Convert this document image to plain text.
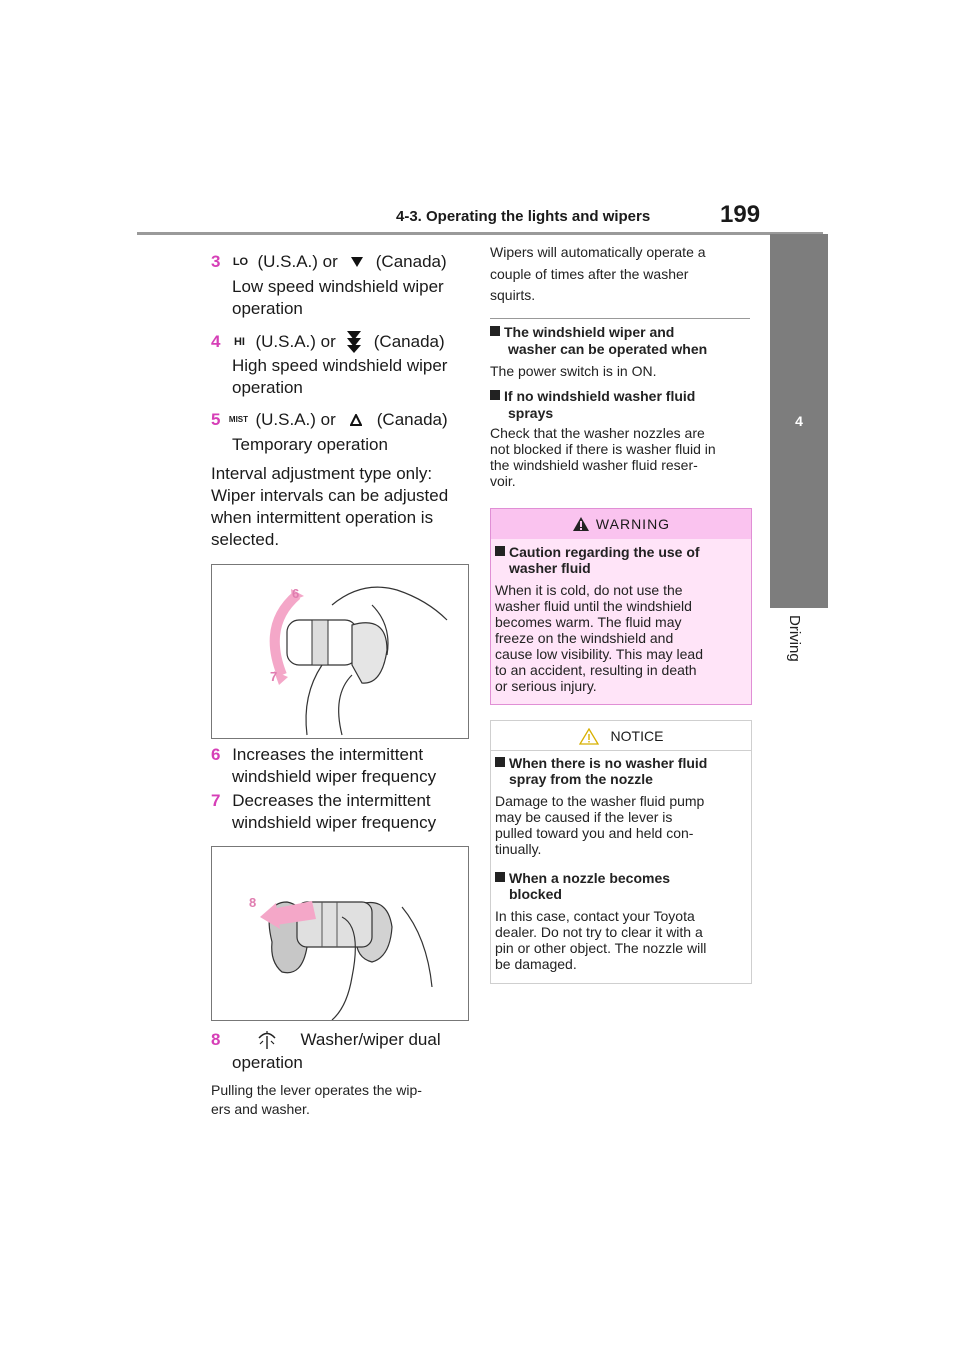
4-3. Operating the lights and wipers	199
4
Driving
3	LO (U.S.A.) or (Canada)
Low speed windshield wiper
operation
4 HI (U.S.A.) or (Canada)
High speed windshield wiper
operation
5 MIST (U.S.A.) or (Canada)
Temporary operation
Interval adjustment type only:
Wiper intervals can be adjusted
when intermittent operation is
selected.
6
7
6 Increases the intermittent
windshield wiper frequency
7 Decreases the intermittent
windshield wiper frequency
8
8	Washer/wiper dual
operation
Pulling the lever operates the wip-
ers and washer.
Wipers will automatically operate a
couple of times after the washer
squirts.
The windshield wiper and
washer can be operated when
The power switch is in ON.
If no windshield washer fluid
sprays
Check that the washer nozzles are
not blocked if there is washer fluid in
the windshield washer fluid reser-
voir.
WARNING
Caution regarding the use of
washer fluid
When it is cold, do not use the
washer fluid until the windshield
becomes warm. The fluid may
freeze on the windshield and
cause low visibility. This may lead
to an accident, resulting in death
or serious injury.
NOTICE
When there is no washer fluid
spray from the nozzle
Damage to the washer fluid pump
may be caused if the lever is
pulled toward you and held con-
tinually.
When a nozzle becomes
blocked
In this case, contact your Toyota
dealer. Do not try to clear it with a
pin or other object. The nozzle will
be damaged.
